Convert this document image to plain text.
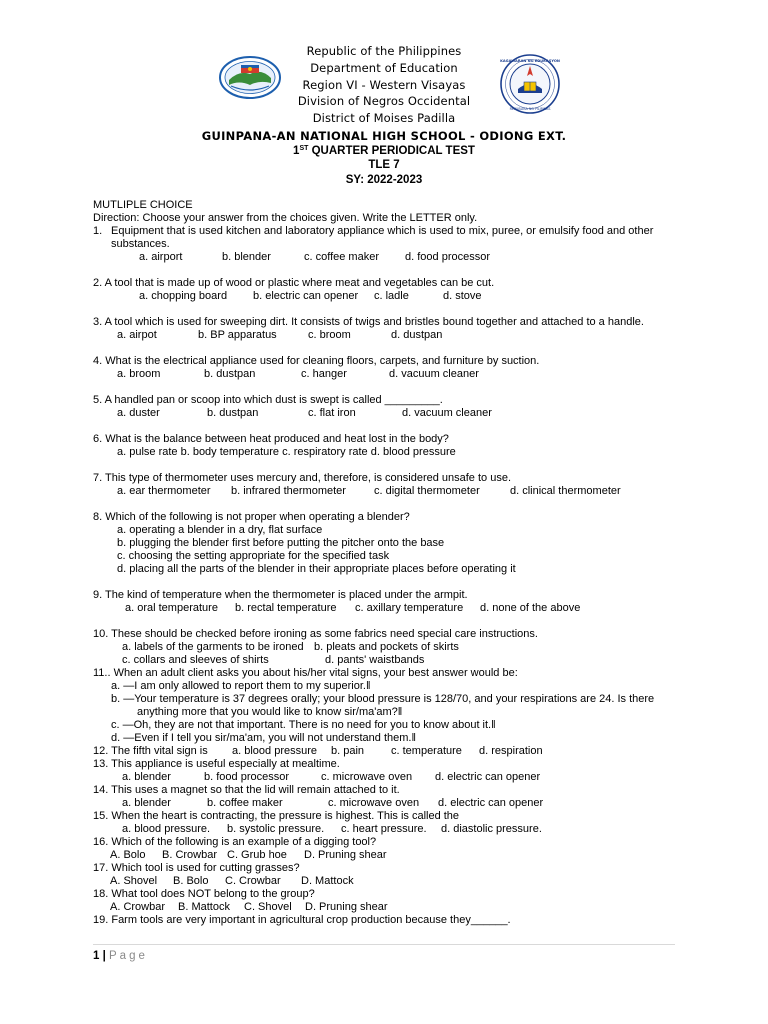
KAGAWARAN NG EDUKASYON
REPUBLIKA NG PILIPINAS
Republic of the Philippines
Department of Education
Region VI - Western Visayas
Division of Negros Occidental
District of Moises Padilla
GUINPANA-AN NATIONAL HIGH SCHOOL - ODIONG EXT.
1ST QUARTER PERIODICAL TEST
TLE 7
SY: 2022-2023
MUTLIPLE CHOICE
Direction: Choose your answer from the choices given. Write the LETTER only.
1. Equipment that is used kitchen and laboratory appliance which is used to mix, puree, or emulsify food and other
substances.

a. airport

	b. blender

	c. coffee maker

d. food processor

2. A tool that is made up of wood or plastic where meat and vegetables can be cut.

a. chopping board

b. electric can opener

c. ladle

	d. stove

3. A tool which is used for sweeping dirt. It consists of twigs and bristles bound together and attached to a handle.

a. airpot

	b. BP apparatus

	c. broom

	d. dustpan

4. What is the electrical appliance used for cleaning floors, carpets, and furniture by suction.

a. broom

	b. dustpan

	c. hanger

	d. vacuum cleaner

5. A handled pan or scoop into which dust is swept is called _________.

a. duster

	b. dustpan

	c. flat iron

	d. vacuum cleaner

6. What is the balance between heat produced and heat lost in the body?
a. pulse rate b. body temperature c. respiratory rate d. blood pressure
7. This type of thermometer uses mercury and, therefore, is considered unsafe to use.

a. ear thermometer

b. infrared thermometer

	c. digital thermometer

	d. clinical thermometer

8. Which of the following is not proper when operating a blender?
a. operating a blender in a dry, flat surface
b. plugging the blender first before putting the pitcher onto the base
c. choosing the setting appropriate for the specified task
d. placing all the parts of the blender in their appropriate places before operating it
9. The kind of temperature when the thermometer is placed under the armpit.

a. oral temperature

b. rectal temperature

c. axillary temperature

d. none of the above

10. These should be checked before ironing as some fabrics need special care instructions.

a. labels of the garments to be ironed

b. pleats and pockets of skirts

c. collars and sleeves of shirts

	d. pants' waistbands

11.. When an adult client asks you about his/her vital signs, your best answer would be:
a. ―I am only allowed to report them to my superior.‖
b. ―Your temperature is 37 degrees orally; your blood pressure is 128/70, and your respirations are 24. Is there
anything more that you would like to know sir/ma'am?‖
c. ―Oh, they are not that important. There is no need for you to know about it.‖
d. ―Even if I tell you sir/ma'am, you will not understand them.‖

12. The fifth vital sign is

a. blood pressure

b. pain

c. temperature

d. respiration

13. This appliance is useful especially at mealtime.

a. blender

	b. food processor

	c. microwave oven

d. electric can opener

14. This uses a magnet so that the lid will remain attached to it.

a. blender

	b. coffee maker

	c. microwave oven

d. electric can opener

15. When the heart is contracting, the pressure is highest. This is called the

a. blood pressure.

b. systolic pressure.

c. heart pressure.

d. diastolic pressure.

16. Which of the following is an example of a digging tool?

A. Bolo

B. Crowbar

C. Grub hoe

D. Pruning shear

17. Which tool is used for cutting grasses?

A. Shovel

B. Bolo

C. Crowbar

D. Mattock

18. What tool does NOT belong to the group?

A. Crowbar

B. Mattock

C. Shovel

D. Pruning shear

19. Farm tools are very important in agricultural crop production because they______.
1 | Page
